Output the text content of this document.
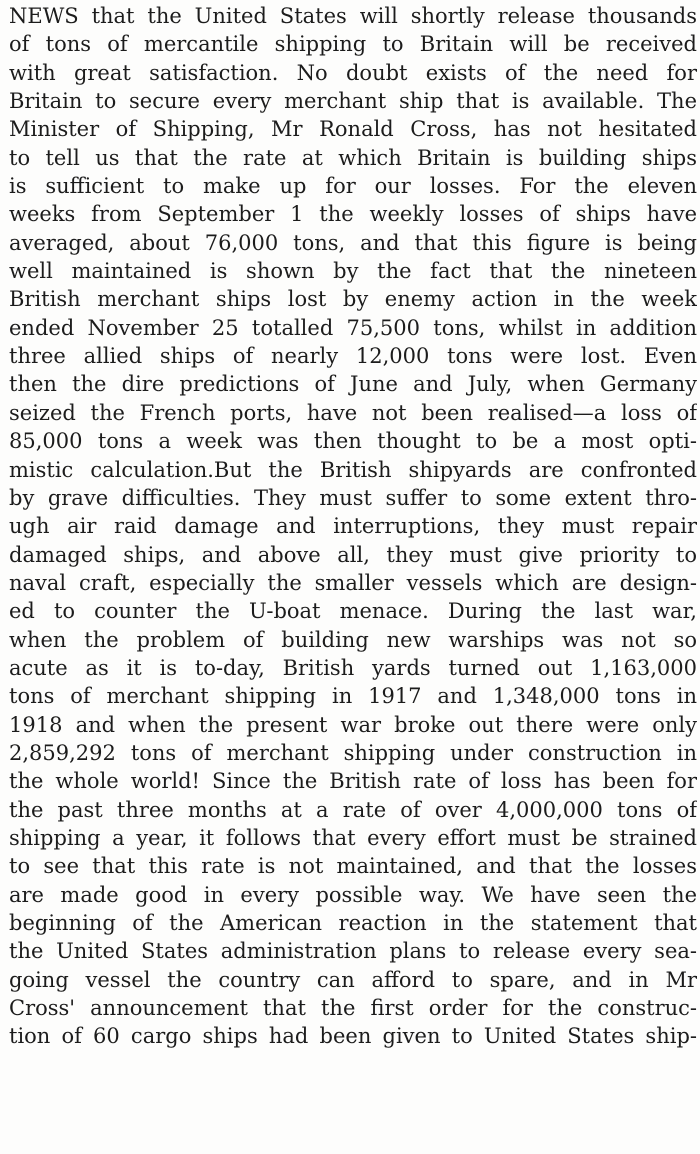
NEWS that the United States will shortly release thousands
of tons of mercantile shipping to Britain will be received
with great satisfaction. No doubt exists of the need for
Britain to secure every merchant ship that is available. The
Minister of Shipping, Mr Ronald Cross, has not hesitated
to tell us that the rate at which Britain is building ships
is sufficient to make up for our losses. For the eleven
weeks from September 1 the weekly losses of ships have
averaged, about 76,000 tons, and that this figure is being
well maintained is shown by the fact that the nineteen
British merchant ships lost by enemy action in the week
ended November 25 totalled 75,500 tons, whilst in addition
three allied ships of nearly 12,000 tons were lost. Even
then the dire predictions of June and July, when Germany
seized the French ports, have not been realised—a loss of
85,000 tons a week was then thought to be a most opti-
mistic calculation.But the British shipyards are confronted
by grave difficulties. They must suffer to some extent thro-
ugh air raid damage and interruptions, they must repair
damaged ships, and above all, they must give priority to
naval craft, especially the smaller vessels which are design-
ed to counter the U-boat menace. During the last war,
when the problem of building new warships was not so
acute as it is to-day, British yards turned out 1,163,000
tons of merchant shipping in 1917 and 1,348,000 tons in
1918 and when the present war broke out there were only
2,859,292 tons of merchant shipping under construction in
the whole world! Since the British rate of loss has been for
the past three months at a rate of over 4,000,000 tons of
shipping a year, it follows that every effort must be strained
to see that this rate is not maintained, and that the losses
are made good in every possible way. We have seen the
beginning of the American reaction in the statement that
the United States administration plans to release every sea-
going vessel the country can afford to spare, and in Mr
Cross' announcement that the first order for the construc-
tion of 60 cargo ships had been given to United States ship-
